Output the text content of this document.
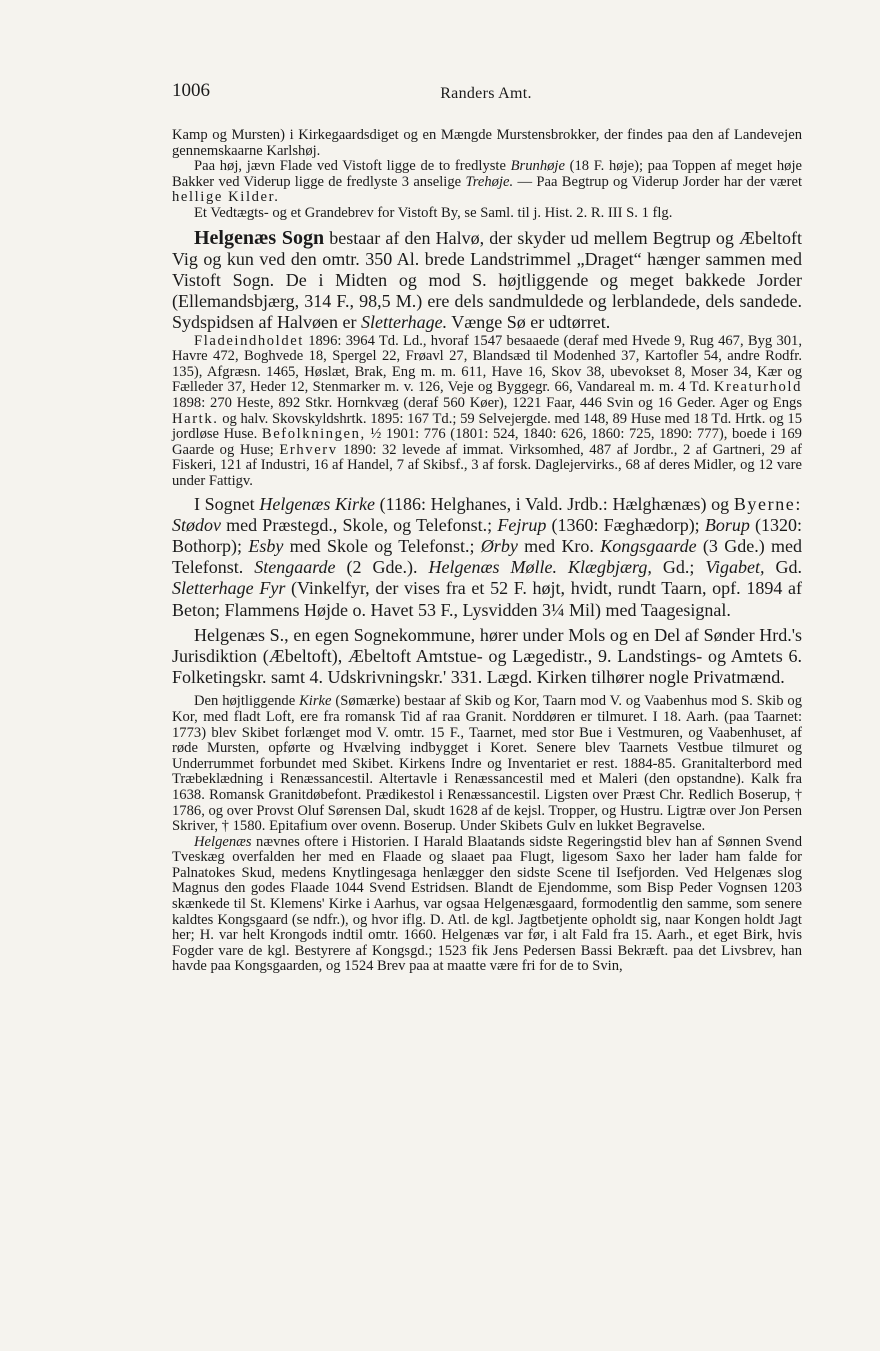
1006	Randers Amt.

Kamp og Mursten) i Kirkegaardsdiget og en Mængde Murstensbrokker, der findes paa den af Landevejen gennemskaarne Karlshøj.

Paa høj, jævn Flade ved Vistoft ligge de to fredlyste Brunhøje (18 F. høje); paa Toppen af meget høje Bakker ved Viderup ligge de fredlyste 3 anselige Trehøje. — Paa Begtrup og Viderup Jorder har der været hellige Kilder.

Et Vedtægts- og et Grandebrev for Vistoft By, se Saml. til j. Hist. 2. R. III S. 1 flg.

Helgenæs Sogn bestaar af den Halvø, der skyder ud mellem Begtrup og Æbeltoft Vig og kun ved den omtr. 350 Al. brede Landstrimmel „Draget“ hænger sammen med Vistoft Sogn. De i Midten og mod S. højtliggende og meget bakkede Jorder (Ellemandsbjærg, 314 F., 98,5 M.) ere dels sandmuldede og lerblandede, dels sandede. Sydspidsen af Halvøen er Sletterhage. Vænge Sø er udtørret.

Fladeindholdet 1896: 3964 Td. Ld., hvoraf 1547 besaaede (deraf med Hvede 9, Rug 467, Byg 301, Havre 472, Boghvede 18, Spergel 22, Frøavl 27, Blandsæd til Modenhed 37, Kartofler 54, andre Rodfr. 135), Afgræsn. 1465, Høslæt, Brak, Eng m. m. 611, Have 16, Skov 38, ubevokset 8, Moser 34, Kær og Fælleder 37, Heder 12, Stenmarker m. v. 126, Veje og Byggegr. 66, Vandareal m. m. 4 Td. Kreaturhold 1898: 270 Heste, 892 Stkr. Hornkvæg (deraf 560 Køer), 1221 Faar, 446 Svin og 16 Geder. Ager og Engs Hartk. og halv. Skovskyldshrtk. 1895: 167 Td.; 59 Selvejergde. med 148, 89 Huse med 18 Td. Hrtk. og 15 jordløse Huse. Befolkningen, ½ 1901: 776 (1801: 524, 1840: 626, 1860: 725, 1890: 777), boede i 169 Gaarde og Huse; Erhverv 1890: 32 levede af immat. Virksomhed, 487 af Jordbr., 2 af Gartneri, 29 af Fiskeri, 121 af Industri, 16 af Handel, 7 af Skibsf., 3 af forsk. Daglejervirks., 68 af deres Midler, og 12 vare under Fattigv.

I Sognet Helgenæs Kirke (1186: Helghanes, i Vald. Jrdb.: Hælghænæs) og Byerne: Stødov med Præstegd., Skole, og Telefonst.; Fejrup (1360: Fæghædorp); Borup (1320: Bothorp); Esby med Skole og Telefonst.; Ørby med Kro. Kongsgaarde (3 Gde.) med Telefonst. Stengaarde (2 Gde.). Helgenæs Mølle. Klægbjærg, Gd.; Vigabet, Gd. Sletterhage Fyr (Vinkelfyr, der vises fra et 52 F. højt, hvidt, rundt Taarn, opf. 1894 af Beton; Flammens Højde o. Havet 53 F., Lysvidden 3¼ Mil) med Taagesignal.

Helgenæs S., en egen Sognekommune, hører under Mols og en Del af Sønder Hrd.'s Jurisdiktion (Æbeltoft), Æbeltoft Amtstue- og Lægedistr., 9. Landstings- og Amtets 6. Folketingskr. samt 4. Udskrivningskr.' 331. Lægd. Kirken tilhører nogle Privatmænd.

Den højtliggende Kirke (Sømærke) bestaar af Skib og Kor, Taarn mod V. og Vaabenhus mod S. Skib og Kor, med fladt Loft, ere fra romansk Tid af raa Granit. Norddøren er tilmuret. I 18. Aarh. (paa Taarnet: 1773) blev Skibet forlænget mod V. omtr. 15 F., Taarnet, med stor Bue i Vestmuren, og Vaabenhuset, af røde Mursten, opførte og Hvælving indbygget i Koret. Senere blev Taarnets Vestbue tilmuret og Underrummet forbundet med Skibet. Kirkens Indre og Inventariet er rest. 1884-85. Granitalterbord med Træbeklædning i Renæssancestil. Altertavle i Renæssancestil med et Maleri (den opstandne). Kalk fra 1638. Romansk Granitdøbefont. Prædikestol i Renæssancestil. Ligsten over Præst Chr. Redlich Boserup, † 1786, og over Provst Oluf Sørensen Dal, skudt 1628 af de kejsl. Tropper, og Hustru. Ligtræ over Jon Persen Skriver, † 1580. Epitafium over ovenn. Boserup. Under Skibets Gulv en lukket Begravelse.

Helgenæs nævnes oftere i Historien. I Harald Blaatands sidste Regeringstid blev han af Sønnen Svend Tveskæg overfalden her med en Flaade og slaaet paa Flugt, ligesom Saxo her lader ham falde for Palnatokes Skud, medens Knytlingesaga henlægger den sidste Scene til Isefjorden. Ved Helgenæs slog Magnus den godes Flaade 1044 Svend Estridsen. Blandt de Ejendomme, som Bisp Peder Vognsen 1203 skænkede til St. Klemens' Kirke i Aarhus, var ogsaa Helgenæsgaard, formodentlig den samme, som senere kaldtes Kongsgaard (se ndfr.), og hvor iflg. D. Atl. de kgl. Jagtbetjente opholdt sig, naar Kongen holdt Jagt her; H. var helt Krongods indtil omtr. 1660. Helgenæs var før, i alt Fald fra 15. Aarh., et eget Birk, hvis Fogder vare de kgl. Bestyrere af Kongsgd.; 1523 fik Jens Pedersen Bassi Bekræft. paa det Livsbrev, han havde paa Kongsgaarden, og 1524 Brev paa at maatte være fri for de to Svin,
